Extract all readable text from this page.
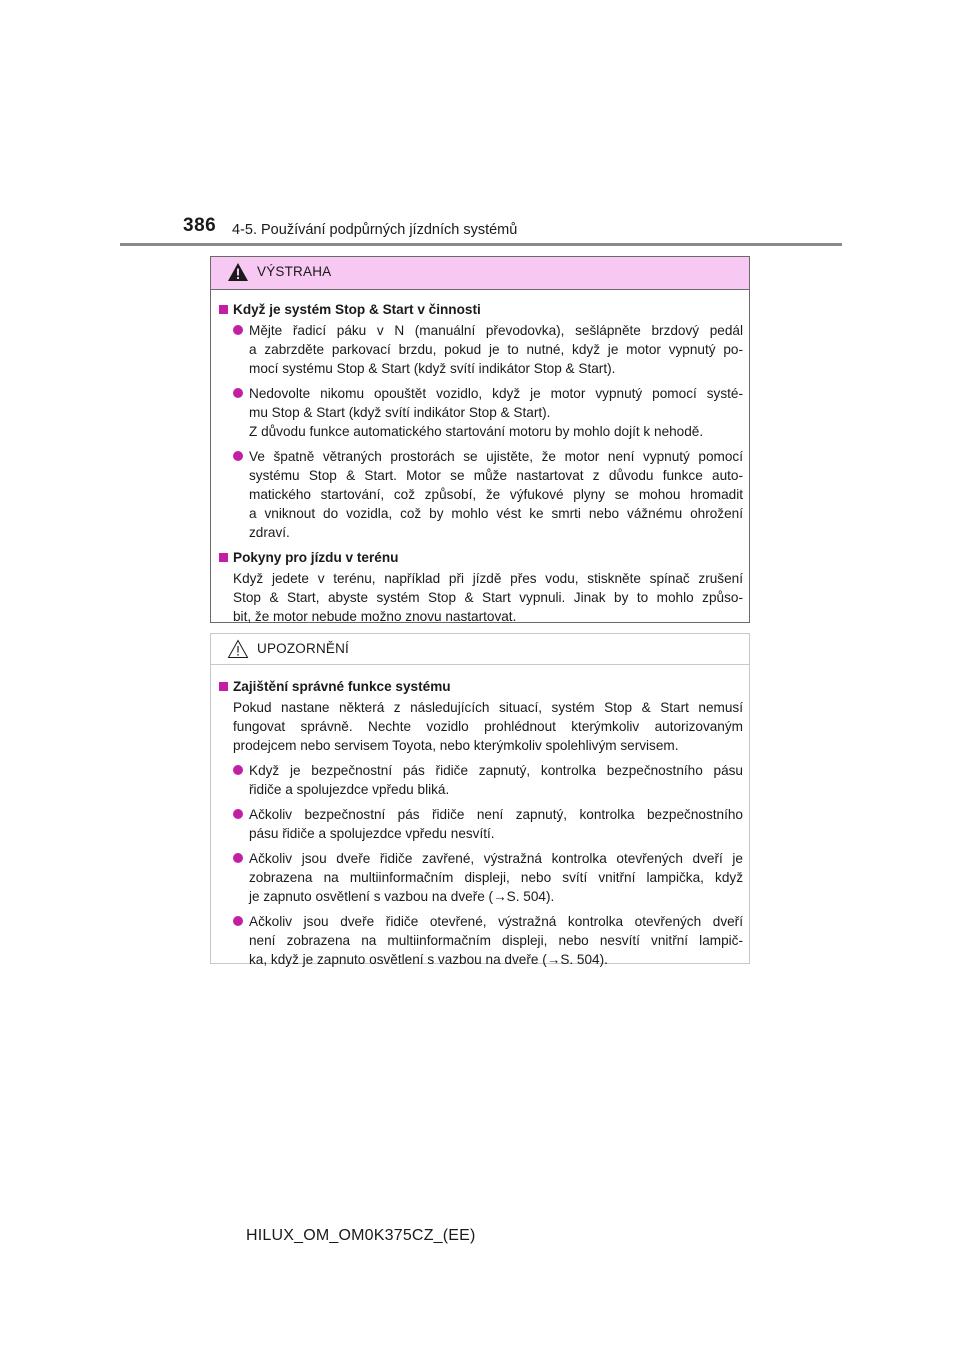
386 4-5. Používání podpůrných jízdních systémů
VÝSTRAHA
Když je systém Stop & Start v činnosti
Mějte řadicí páku v N (manuální převodovka), sešlápněte brzdový pedál
a zabrzděte parkovací brzdu, pokud je to nutné, když je motor vypnutý po-
mocí systému Stop & Start (když svítí indikátor Stop & Start).
Nedovolte nikomu opouštět vozidlo, když je motor vypnutý pomocí systé-
mu Stop & Start (když svítí indikátor Stop & Start).
Z důvodu funkce automatického startování motoru by mohlo dojít k nehodě.
Ve špatně větraných prostorách se ujistěte, že motor není vypnutý pomocí
systému Stop & Start. Motor se může nastartovat z důvodu funkce auto-
matického startování, což způsobí, že výfukové plyny se mohou hromadit
a vniknout do vozidla, což by mohlo vést ke smrti nebo vážnému ohrožení
zdraví.
Pokyny pro jízdu v terénu
Když jedete v terénu, například při jízdě přes vodu, stiskněte spínač zrušení
Stop & Start, abyste systém Stop & Start vypnuli. Jinak by to mohlo způso-
bit, že motor nebude možno znovu nastartovat.
UPOZORNĚNÍ
Zajištění správné funkce systému
Pokud nastane některá z následujících situací, systém Stop & Start nemusí
fungovat správně. Nechte vozidlo prohlédnout kterýmkoliv autorizovaným
prodejcem nebo servisem Toyota, nebo kterýmkoliv spolehlivým servisem.
Když je bezpečnostní pás řidiče zapnutý, kontrolka bezpečnostního pásu
řidiče a spolujezdce vpředu bliká.
Ačkoliv bezpečnostní pás řidiče není zapnutý, kontrolka bezpečnostního
pásu řidiče a spolujezdce vpředu nesvítí.
Ačkoliv jsou dveře řidiče zavřené, výstražná kontrolka otevřených dveří je
zobrazena na multiinformačním displeji, nebo svítí vnitřní lampička, když
je zapnuto osvětlení s vazbou na dveře (→S. 504).
Ačkoliv jsou dveře řidiče otevřené, výstražná kontrolka otevřených dveří
není zobrazena na multiinformačním displeji, nebo nesvítí vnitřní lampič-
ka, když je zapnuto osvětlení s vazbou na dveře (→S. 504).
HILUX_OM_OM0K375CZ_(EE)
